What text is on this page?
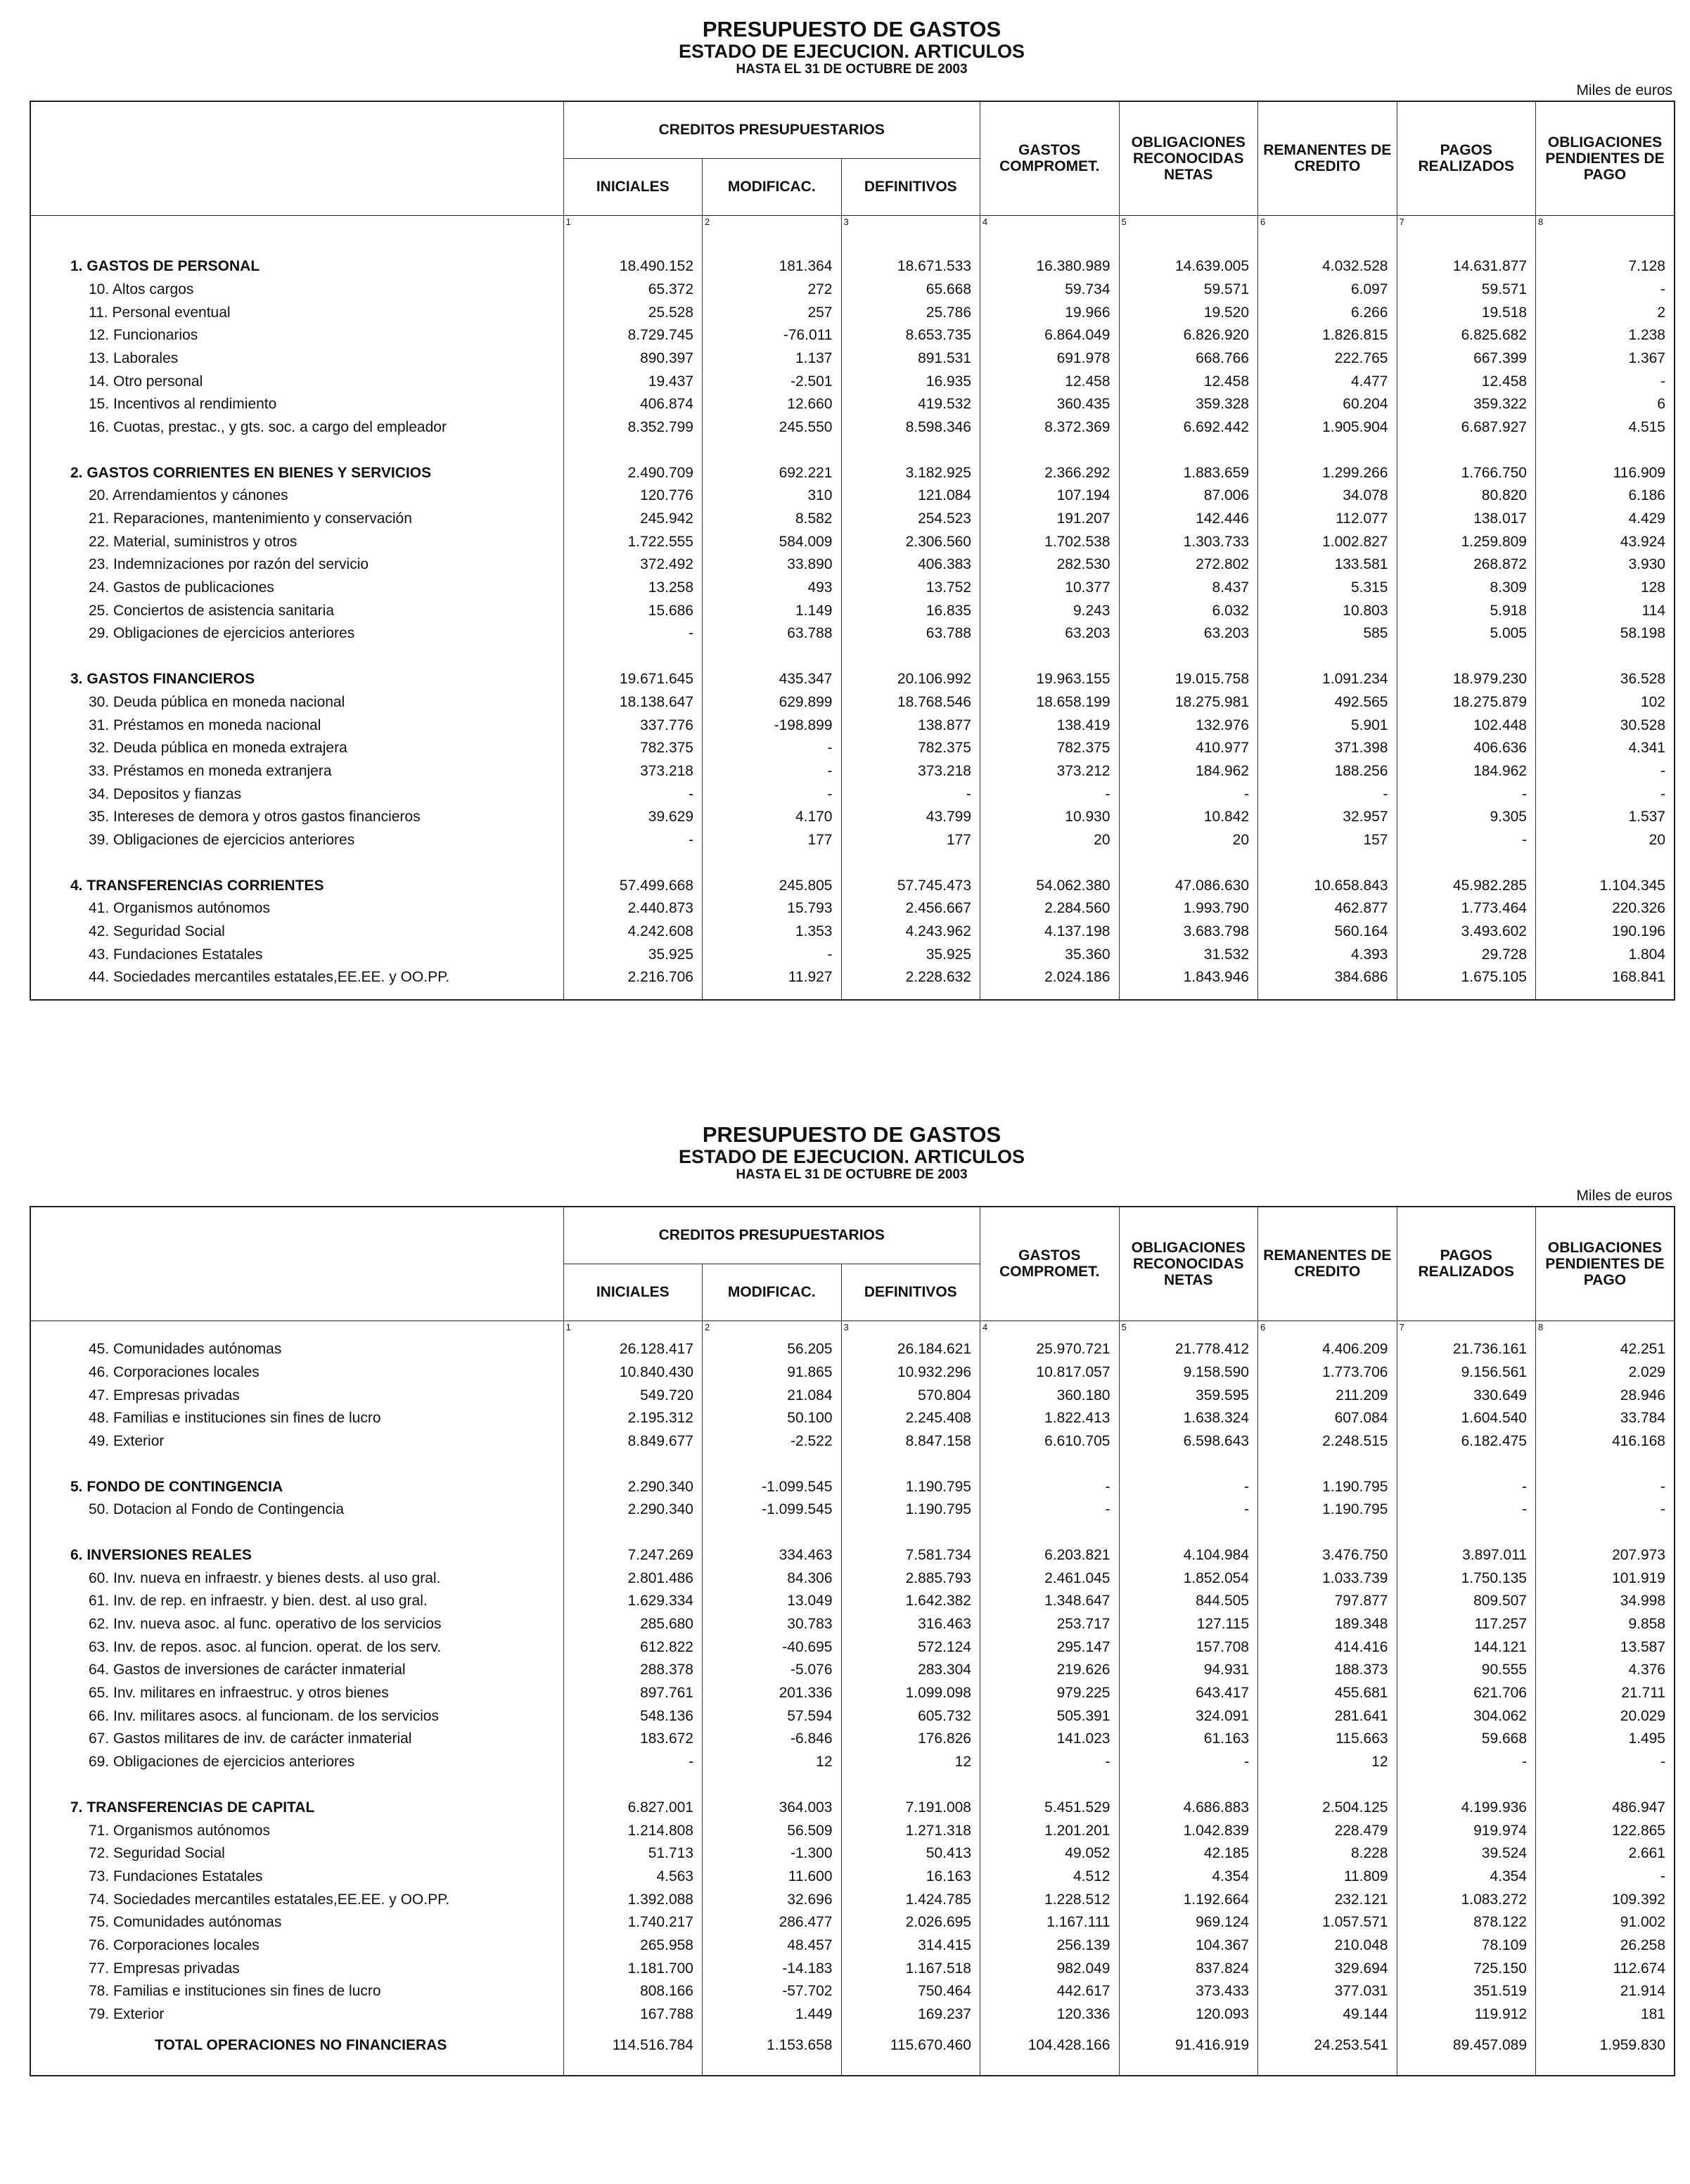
PRESUPUESTO DE GASTOS
ESTADO DE EJECUCION. ARTICULOS
HASTA EL 31 DE OCTUBRE DE 2003
Miles de euros
	CREDITOS PRESUPUESTARIOS			GASTOS COMPROMET.	OBLIGACIONES RECONOCIDAS NETAS	REMANENTES DE CREDITO	PAGOS REALIZADOS	OBLIGACIONES PENDIENTES DE PAGO
	INICIALES	MODIFICAC.	DEFINITIVOS					
	1	2	3	4	5	6	7	8

1. GASTOS DE PERSONAL	18.490.152	181.364	18.671.533	16.380.989	14.639.005	4.032.528	14.631.877	7.128
10. Altos cargos	65.372	272	65.668	59.734	59.571	6.097	59.571	-
11. Personal eventual	25.528	257	25.786	19.966	19.520	6.266	19.518	2
12. Funcionarios	8.729.745	-76.011	8.653.735	6.864.049	6.826.920	1.826.815	6.825.682	1.238
13. Laborales	890.397	1.137	891.531	691.978	668.766	222.765	667.399	1.367
14. Otro personal	19.437	-2.501	16.935	12.458	12.458	4.477	12.458	-
15. Incentivos al rendimiento	406.874	12.660	419.532	360.435	359.328	60.204	359.322	6
16. Cuotas, prestac., y gts. soc. a cargo del empleador	8.352.799	245.550	8.598.346	8.372.369	6.692.442	1.905.904	6.687.927	4.515

2. GASTOS CORRIENTES EN BIENES Y SERVICIOS	2.490.709	692.221	3.182.925	2.366.292	1.883.659	1.299.266	1.766.750	116.909
20. Arrendamientos y cánones	120.776	310	121.084	107.194	87.006	34.078	80.820	6.186
21. Reparaciones, mantenimiento y conservación	245.942	8.582	254.523	191.207	142.446	112.077	138.017	4.429
22. Material, suministros y otros	1.722.555	584.009	2.306.560	1.702.538	1.303.733	1.002.827	1.259.809	43.924
23. Indemnizaciones por razón del servicio	372.492	33.890	406.383	282.530	272.802	133.581	268.872	3.930
24. Gastos de publicaciones	13.258	493	13.752	10.377	8.437	5.315	8.309	128
25. Conciertos de asistencia sanitaria	15.686	1.149	16.835	9.243	6.032	10.803	5.918	114
29. Obligaciones de ejercicios anteriores	-	63.788	63.788	63.203	63.203	585	5.005	58.198

3. GASTOS FINANCIEROS	19.671.645	435.347	20.106.992	19.963.155	19.015.758	1.091.234	18.979.230	36.528
30. Deuda pública en moneda nacional	18.138.647	629.899	18.768.546	18.658.199	18.275.981	492.565	18.275.879	102
31. Préstamos en moneda nacional	337.776	-198.899	138.877	138.419	132.976	5.901	102.448	30.528
32. Deuda pública en moneda extrajera	782.375	-	782.375	782.375	410.977	371.398	406.636	4.341
33. Préstamos en moneda extranjera	373.218	-	373.218	373.212	184.962	188.256	184.962	-
34. Depositos y fianzas	-	-	-	-	-	-	-	-
35. Intereses de demora y otros gastos financieros	39.629	4.170	43.799	10.930	10.842	32.957	9.305	1.537
39. Obligaciones de ejercicios anteriores	-	177	177	20	20	157	-	20

4. TRANSFERENCIAS CORRIENTES	57.499.668	245.805	57.745.473	54.062.380	47.086.630	10.658.843	45.982.285	1.104.345
41. Organismos autónomos	2.440.873	15.793	2.456.667	2.284.560	1.993.790	462.877	1.773.464	220.326
42. Seguridad Social	4.242.608	1.353	4.243.962	4.137.198	3.683.798	560.164	3.493.602	190.196
43. Fundaciones Estatales	35.925	-	35.925	35.360	31.532	4.393	29.728	1.804
44. Sociedades mercantiles estatales,EE.EE. y OO.PP.	2.216.706	11.927	2.228.632	2.024.186	1.843.946	384.686	1.675.105	168.841

PRESUPUESTO DE GASTOS
ESTADO DE EJECUCION. ARTICULOS
HASTA EL 31 DE OCTUBRE DE 2003
Miles de euros
	CREDITOS PRESUPUESTARIOS			GASTOS COMPROMET.	OBLIGACIONES RECONOCIDAS NETAS	REMANENTES DE CREDITO	PAGOS REALIZADOS	OBLIGACIONES PENDIENTES DE PAGO
	INICIALES	MODIFICAC.	DEFINITIVOS					
	1	2	3	4	5	6	7	8
45. Comunidades autónomas	26.128.417	56.205	26.184.621	25.970.721	21.778.412	4.406.209	21.736.161	42.251
46. Corporaciones locales	10.840.430	91.865	10.932.296	10.817.057	9.158.590	1.773.706	9.156.561	2.029
47. Empresas privadas	549.720	21.084	570.804	360.180	359.595	211.209	330.649	28.946
48. Familias e instituciones sin fines de lucro	2.195.312	50.100	2.245.408	1.822.413	1.638.324	607.084	1.604.540	33.784
49. Exterior	8.849.677	-2.522	8.847.158	6.610.705	6.598.643	2.248.515	6.182.475	416.168

5. FONDO DE CONTINGENCIA	2.290.340	-1.099.545	1.190.795	-	-	1.190.795	-	-
50. Dotacion al Fondo de Contingencia	2.290.340	-1.099.545	1.190.795	-	-	1.190.795	-	-

6. INVERSIONES REALES	7.247.269	334.463	7.581.734	6.203.821	4.104.984	3.476.750	3.897.011	207.973
60. Inv. nueva en infraestr. y bienes dests. al uso gral.	2.801.486	84.306	2.885.793	2.461.045	1.852.054	1.033.739	1.750.135	101.919
61. Inv. de rep. en infraestr. y bien. dest. al uso gral.	1.629.334	13.049	1.642.382	1.348.647	844.505	797.877	809.507	34.998
62. Inv. nueva asoc. al func. operativo de los servicios	285.680	30.783	316.463	253.717	127.115	189.348	117.257	9.858
63. Inv. de repos. asoc. al funcion. operat. de los serv.	612.822	-40.695	572.124	295.147	157.708	414.416	144.121	13.587
64. Gastos de inversiones de carácter inmaterial	288.378	-5.076	283.304	219.626	94.931	188.373	90.555	4.376
65. Inv. militares en infraestruc. y otros bienes	897.761	201.336	1.099.098	979.225	643.417	455.681	621.706	21.711
66. Inv. militares asocs. al funcionam. de los servicios	548.136	57.594	605.732	505.391	324.091	281.641	304.062	20.029
67. Gastos militares de inv. de carácter inmaterial	183.672	-6.846	176.826	141.023	61.163	115.663	59.668	1.495
69. Obligaciones de ejercicios anteriores	-	12	12	-	-	12	-	-

7. TRANSFERENCIAS DE CAPITAL	6.827.001	364.003	7.191.008	5.451.529	4.686.883	2.504.125	4.199.936	486.947
71. Organismos autónomos	1.214.808	56.509	1.271.318	1.201.201	1.042.839	228.479	919.974	122.865
72. Seguridad Social	51.713	-1.300	50.413	49.052	42.185	8.228	39.524	2.661
73. Fundaciones Estatales	4.563	11.600	16.163	4.512	4.354	11.809	4.354	-
74. Sociedades mercantiles estatales,EE.EE. y OO.PP.	1.392.088	32.696	1.424.785	1.228.512	1.192.664	232.121	1.083.272	109.392
75. Comunidades autónomas	1.740.217	286.477	2.026.695	1.167.111	969.124	1.057.571	878.122	91.002
76. Corporaciones locales	265.958	48.457	314.415	256.139	104.367	210.048	78.109	26.258
77. Empresas privadas	1.181.700	-14.183	1.167.518	982.049	837.824	329.694	725.150	112.674
78. Familias e instituciones sin fines de lucro	808.166	-57.702	750.464	442.617	373.433	377.031	351.519	21.914
79. Exterior	167.788	1.449	169.237	120.336	120.093	49.144	119.912	181
TOTAL OPERACIONES NO FINANCIERAS	114.516.784	1.153.658	115.670.460	104.428.166	91.416.919	24.253.541	89.457.089	1.959.830
